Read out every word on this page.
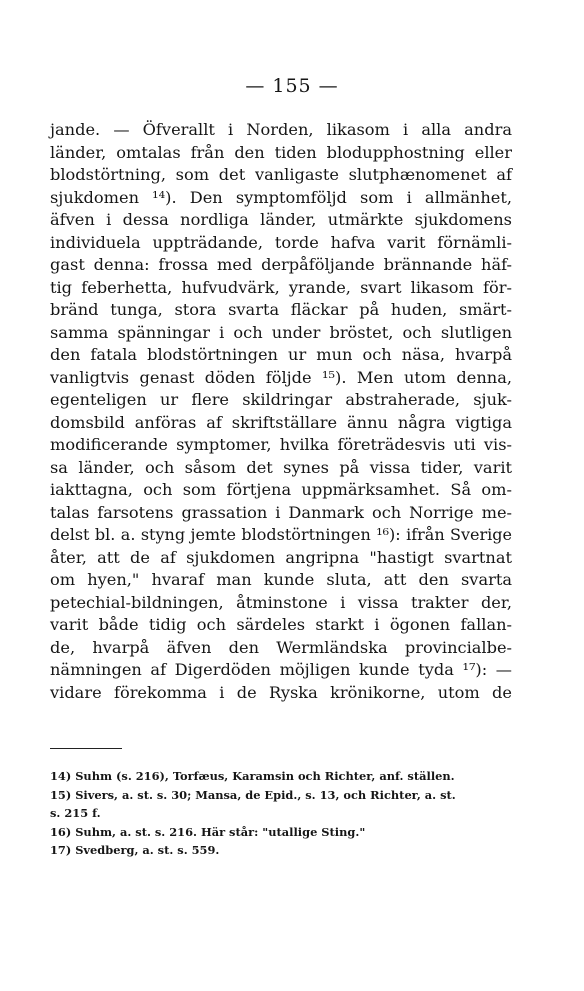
— 155 —
jande. — Öfverallt i Norden, likasom i alla andra
länder, omtalas från den tiden blodupphostning eller
blodstörtning, som det vanligaste slutphænomenet af
sjukdomen ¹⁴). Den symptomföljd som i allmänhet,
äfven i dessa nordliga länder, utmärkte sjukdomens
individuela uppträdande, torde hafva varit förnämli-
gast denna: frossa med derpåföljande brännande häf-
tig feberhetta, hufvudvärk, yrande, svart likasom för-
bränd tunga, stora svarta fläckar på huden, smärt-
samma spänningar i och under bröstet, och slutligen
den fatala blodstörtningen ur mun och näsa, hvarpå
vanligtvis genast döden följde ¹⁵). Men utom denna,
egenteligen ur flere skildringar abstraherade, sjuk-
domsbild anföras af skriftställare ännu några vigtiga
modificerande symptomer, hvilka företrädesvis uti vis-
sa länder, och såsom det synes på vissa tider, varit
iakttagna, och som förtjena uppmärksamhet. Så om-
talas farsotens grassation i Danmark och Norrige me-
delst bl. a. styng jemte blodstörtningen ¹⁶): ifrån Sverige
åter, att de af sjukdomen angripna "hastigt svartnat
om hyen," hvaraf man kunde sluta, att den svarta
petechial-bildningen, åtminstone i vissa trakter der,
varit både tidig och särdeles starkt i ögonen fallan-
de, hvarpå äfven den Wermländska provincialbe-
nämningen af Digerdöden möjligen kunde tyda ¹⁷): —
vidare förekomma i de Ryska krönikorne, utom de
14) Suhm (s. 216), Torfæus, Karamsin och Richter, anf. ställen.
15) Sivers, a. st. s. 30; Mansa, de Epid., s. 13, och Richter, a. st.
s. 215 f.
16) Suhm, a. st. s. 216. Här står: "utallige Sting."
17) Svedberg, a. st. s. 559.
